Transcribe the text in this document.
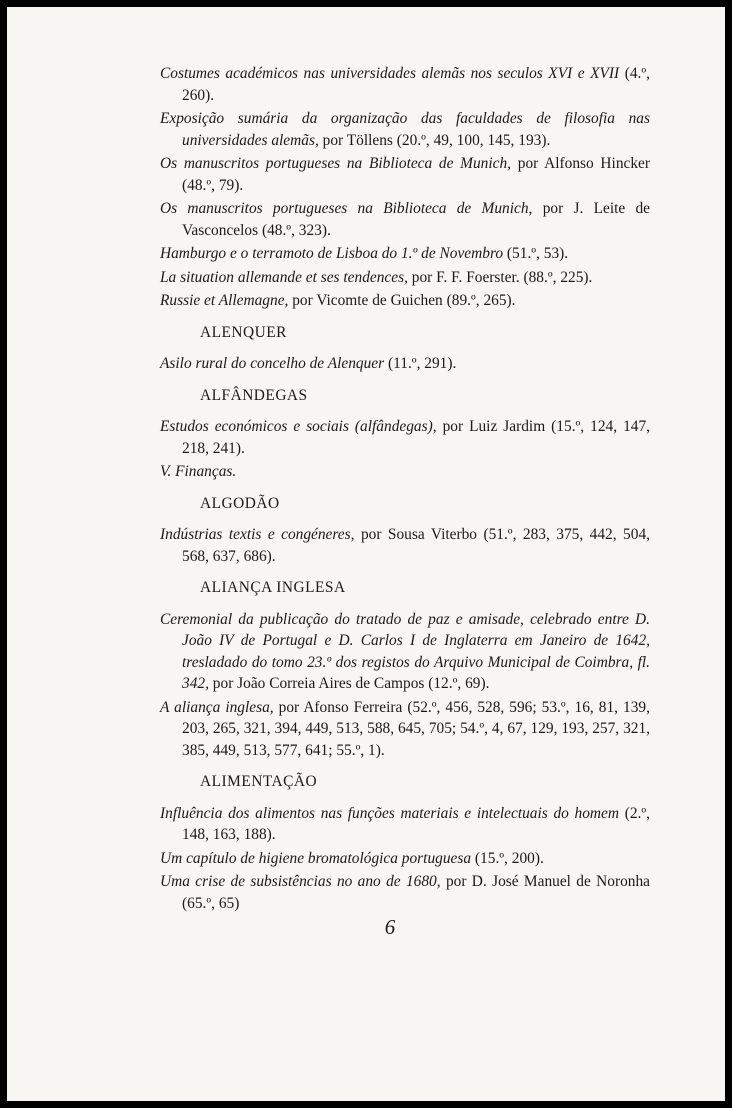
Costumes académicos nas universidades alemãs nos seculos XVI e XVII (4.º, 260).

Exposição sumária da organização das faculdades de filosofia nas universidades alemãs, por Töllens (20.º, 49, 100, 145, 193).

Os manuscritos portugueses na Biblioteca de Munich, por Alfonso Hincker (48.º, 79).

Os manuscritos portugueses na Biblioteca de Munich, por J. Leite de Vasconcelos (48.º, 323).

Hamburgo e o terramoto de Lisboa do 1.º de Novembro (51.º, 53).

La situation allemande et ses tendences, por F. F. Foerster. (88.º, 225).

Russie et Allemagne, por Vicomte de Guichen (89.º, 265).

ALENQUER

Asilo rural do concelho de Alenquer (11.º, 291).

ALFÂNDEGAS

Estudos económicos e sociais (alfândegas), por Luiz Jardim (15.º, 124, 147, 218, 241).

V. Finanças.

ALGODÃO

Indústrias textis e congéneres, por Sousa Viterbo (51.º, 283, 375, 442, 504, 568, 637, 686).

ALIANÇA INGLESA

Ceremonial da publicação do tratado de paz e amisade, celebrado entre D. João IV de Portugal e D. Carlos I de Inglaterra em Janeiro de 1642, tresladado do tomo 23.º dos registos do Arquivo Municipal de Coimbra, fl. 342, por João Correia Aires de Campos (12.º, 69).

A aliança inglesa, por Afonso Ferreira (52.º, 456, 528, 596; 53.º, 16, 81, 139, 203, 265, 321, 394, 449, 513, 588, 645, 705; 54.º, 4, 67, 129, 193, 257, 321, 385, 449, 513, 577, 641; 55.º, 1).

ALIMENTAÇÃO

Influência dos alimentos nas funções materiais e intelectuais do homem (2.º, 148, 163, 188).

Um capítulo de higiene bromatológica portuguesa (15.º, 200).

Uma crise de subsistências no ano de 1680, por D. José Manuel de Noronha (65.º, 65)

6
